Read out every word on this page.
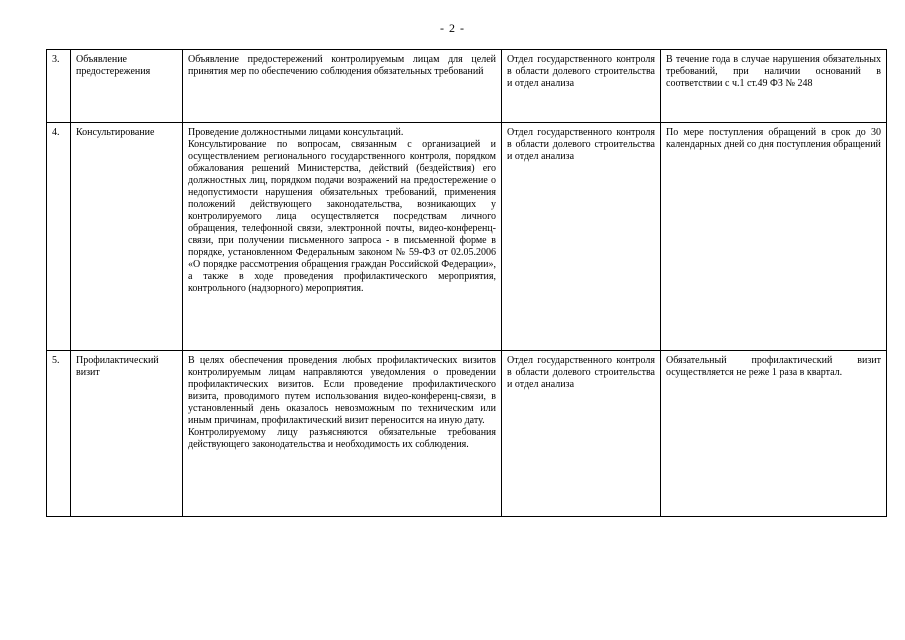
- 2 -
3.	Объявление предостережения	Объявление предостережений контролируемым лицам для целей принятия мер по обеспечению соблюдения обязательных требований	Отдел государственного контроля в области долевого строительства и отдел анализа	В течение года в случае нарушения обязательных требований, при наличии оснований в соответствии с ч.1 ст.49 ФЗ № 248
4.	Консультирование	Проведение должностными лицами консультаций.
Консультирование по вопросам, связанным с организацией и осуществлением регионального государственного контроля, порядком обжалования решений Министерства, действий (бездействия) его должностных лиц, порядком подачи возражений на предостережение о недопустимости нарушения обязательных требований, применения положений действующего законодательства, возникающих у контролируемого лица осуществляется посредствам личного обращения, телефонной связи, электронной почты, видео-конференц-связи, при получении письменного запроса - в письменной форме в порядке, установленном Федеральным законом № 59-ФЗ от 02.05.2006 «О порядке рассмотрения обращения граждан Российской Федерации», а также в ходе проведения профилактического мероприятия, контрольного (надзорного) мероприятия.	Отдел государственного контроля в области долевого строительства и отдел анализа	По мере поступления обращений в срок до 30 календарных дней со дня поступления обращений
5.	Профилактический визит	В целях обеспечения проведения любых профилактических визитов контролируемым лицам направляются уведомления о проведении профилактических визитов. Если проведение профилактического визита, проводимого путем использования видео-конференц-связи, в установленный день оказалось невозможным по техническим или иным причинам, профилактический визит переносится на иную дату.
Контролируемому лицу разъясняются обязательные требования действующего законодательства и необходимость их соблюдения.	Отдел государственного контроля в области долевого строительства и отдел анализа	Обязательный профилактический визит осуществляется не реже 1 раза в квартал.
